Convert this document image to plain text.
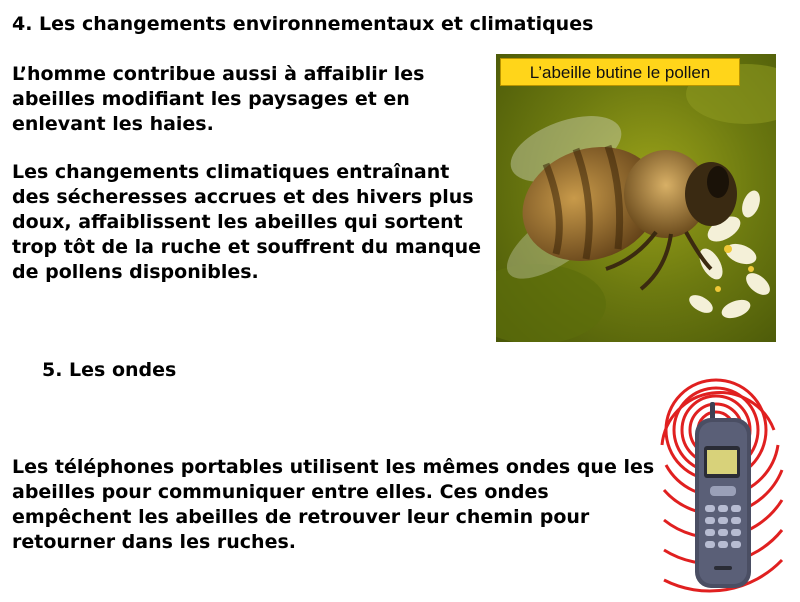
4. Les changements environnementaux et climatiques

L’homme contribue aussi à affaiblir les abeilles modifiant les paysages et en enlevant les haies.

Les changements climatiques entraînant des sécheresses accrues et des hivers plus doux, affaiblissent les abeilles qui sortent trop tôt de la ruche et souffrent du manque de pollens disponibles.

L’abeille butine le pollen
5. Les ondes

Les téléphones portables utilisent les mêmes ondes que les abeilles pour communiquer entre elles. Ces ondes empêchent les abeilles de retrouver leur chemin pour retourner dans les ruches.
